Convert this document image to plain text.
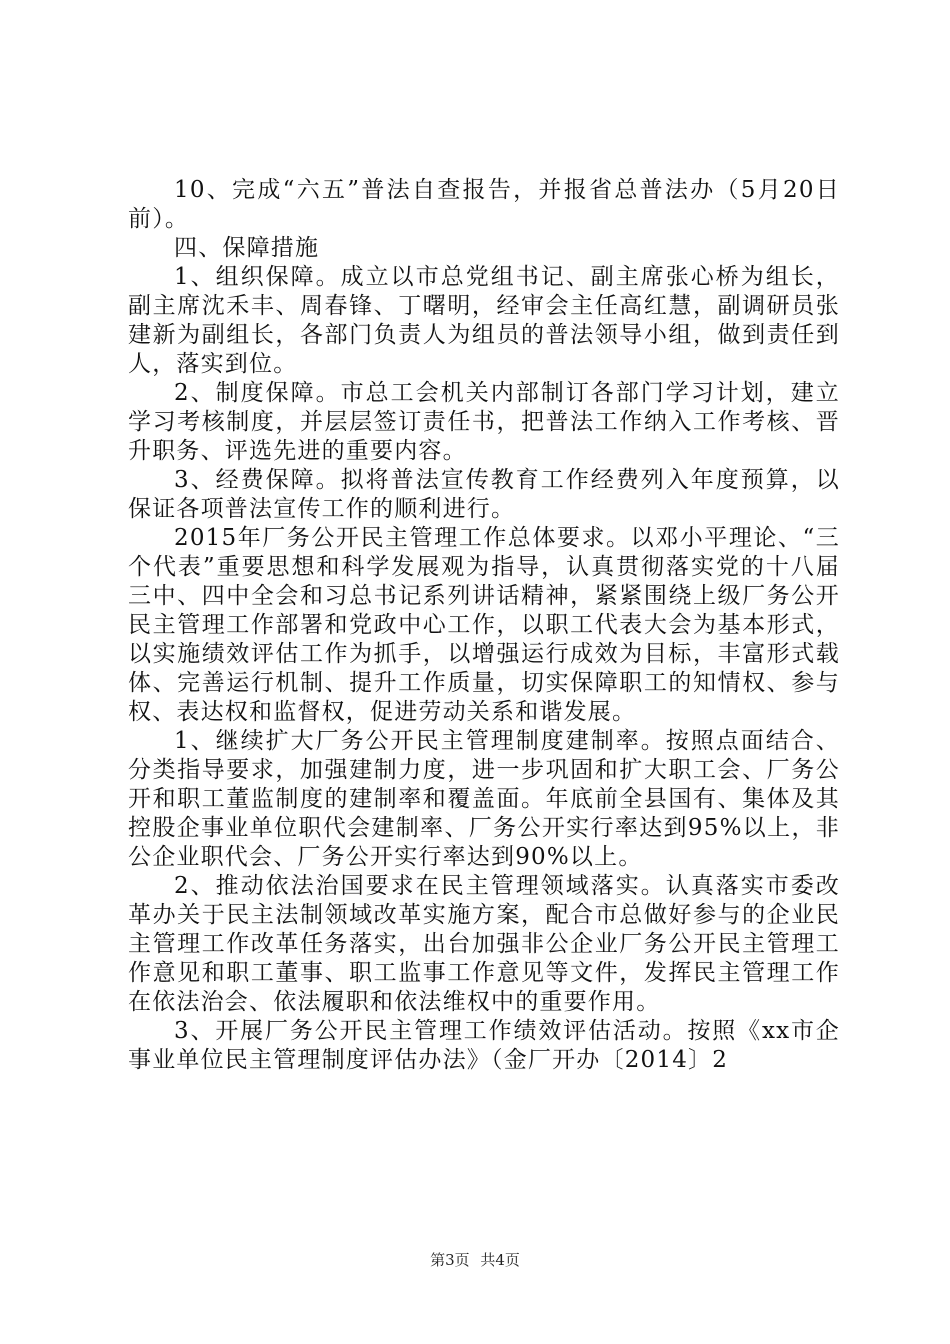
10、完成“六五”普法自查报告，并报省总普法办（5月20日前）。

四、保障措施

1、组织保障。成立以市总党组书记、副主席张心桥为组长，副主席沈禾丰、周春锋、丁曙明，经审会主任高红慧，副调研员张建新为副组长，各部门负责人为组员的普法领导小组，做到责任到人，落实到位。

2、制度保障。市总工会机关内部制订各部门学习计划，建立学习考核制度，并层层签订责任书，把普法工作纳入工作考核、晋升职务、评选先进的重要内容。

3、经费保障。拟将普法宣传教育工作经费列入年度预算，以保证各项普法宣传工作的顺利进行。

2015年厂务公开民主管理工作总体要求。以邓小平理论、“三个代表”重要思想和科学发展观为指导，认真贯彻落实党的十八届三中、四中全会和习总书记系列讲话精神，紧紧围绕上级厂务公开民主管理工作部署和党政中心工作，以职工代表大会为基本形式，以实施绩效评估工作为抓手，以增强运行成效为目标，丰富形式载体、完善运行机制、提升工作质量，切实保障职工的知情权、参与权、表达权和监督权，促进劳动关系和谐发展。

1、继续扩大厂务公开民主管理制度建制率。按照点面结合、分类指导要求，加强建制力度，进一步巩固和扩大职工会、厂务公开和职工董监制度的建制率和覆盖面。年底前全县国有、集体及其控股企事业单位职代会建制率、厂务公开实行率达到95%以上，非公企业职代会、厂务公开实行率达到90%以上。

2、推动依法治国要求在民主管理领域落实。认真落实市委改革办关于民主法制领域改革实施方案，配合市总做好参与的企业民主管理工作改革任务落实，出台加强非公企业厂务公开民主管理工作意见和职工董事、职工监事工作意见等文件，发挥民主管理工作在依法治会、依法履职和依法维权中的重要作用。

3、开展厂务公开民主管理工作绩效评估活动。按照《xx市企事业单位民主管理制度评估办法》（金厂开办〔2014〕2

第3页 共4页
